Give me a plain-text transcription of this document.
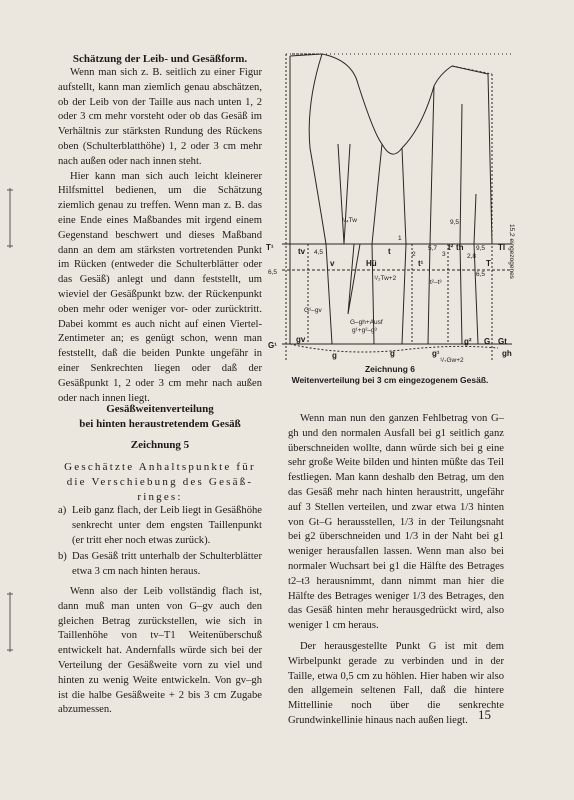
Schätzung der Leib- und Gesäßform.

Wenn man sich z. B. seitlich zu einer Figur aufstellt, kann man ziemlich genau abschätzen, ob der Leib von der Taille aus nach unten 1, 2 oder 3 cm mehr vorsteht oder ob das Gesäß im Verhältnis zur stärksten Rundung des Rückens oben (Schulterblatthöhe) 1, 2 oder 3 cm mehr nach außen oder nach innen steht.

Hier kann man sich auch leicht kleinerer Hilfsmittel bedienen, um die Schätzung ziemlich genau zu treffen. Wenn man z. B. das eine Ende eines Maßbandes mit irgend einem Gegenstand beschwert und dieses Maßband dann an dem am stärksten vortretenden Punkt im Rücken (entweder die Schulterblätter oder das Gesäß) anlegt und dann feststellt, um wieviel der Gesäßpunkt bzw. der Rückenpunkt oben mehr oder weniger vor- oder zurücktritt. Dabei kommt es auch nicht auf einen Viertel-Zentimeter an; es genügt schon, wenn man feststellt, daß die beiden Punkte ungefähr in einer Senkrechten liegen oder daß der Gesäßpunkt 1, 2 oder 3 cm mehr nach außen oder nach innen liegt.

T¹	tv
v	Hü
t
t¹
t² th
T
Tl
G¹
gv
g	g	g¹
g² G Gt
gh
4,5
6,5
1
2	3
5,7
9,5
9,5
2,8
6,5
G¹–gv
G–gh+Ausf
g¹+g²–g³
¹/₂Tw+2
¹/₂Gw+2
t²–t³
¹/₄Tw
15,2 eingezogenes
Zeichnung 6
Weitenverteilung bei 3 cm eingezogenem Gesäß.
Gesäßweitenverteilung
bei hinten heraustretendem Gesäß
Zeichnung 5
Geschätzte Anhaltspunkte für
die Verschiebung des Gesäß-
ringes:
a) Leib ganz flach, der Leib liegt in Gesäßhöhe senkrecht unter dem engsten Taillenpunkt (er tritt eher noch etwas zurück).
b) Das Gesäß tritt unterhalb der Schulterblätter etwa 3 cm nach hinten heraus.

Wenn also der Leib vollständig flach ist, dann muß man unten von G–gv auch den gleichen Betrag zurückstellen, wie sich in Taillenhöhe von tv–T1 Weitenüberschuß entwickelt hat. Andernfalls würde sich bei der Verteilung der Gesäßweite vorn zu viel und hinten zu wenig Weite entwickeln. Von gv–gh ist die halbe Gesäßweite + 2 bis 3 cm Zugabe abzumessen.

Wenn man nun den ganzen Fehlbetrag von G–gh und den normalen Ausfall bei g1 seitlich ganz überschneiden wollte, dann würde sich bei g eine sehr große Weite bilden und hinten müßte das Teil festliegen. Man kann deshalb den Betrag, um den das Gesäß mehr nach hinten heraustritt, ungefähr auf 3 Stellen verteilen, und zwar etwa 1/3 hinten von Gt–G herausstellen, 1/3 in der Teilungsnaht bei g2 überschneiden und 1/3 in der Naht bei g1 weniger herausfallen lassen. Wenn man also bei normaler Wuchsart bei g1 die Hälfte des Betrages t2–t3 herausnimmt, dann nimmt man hier die Hälfte des Betrages weniger 1/3 des Betrages, den das Gesäß hinten mehr herausgedrückt wird, also weniger 1 cm heraus.

Der herausgestellte Punkt G ist mit dem Wirbelpunkt gerade zu verbinden und in der Taille, etwa 0,5 cm zu höhlen. Hier haben wir also den allgemein seltenen Fall, daß die hintere Mittellinie noch über die senkrechte Grundwinkellinie hinaus nach außen liegt. 15
